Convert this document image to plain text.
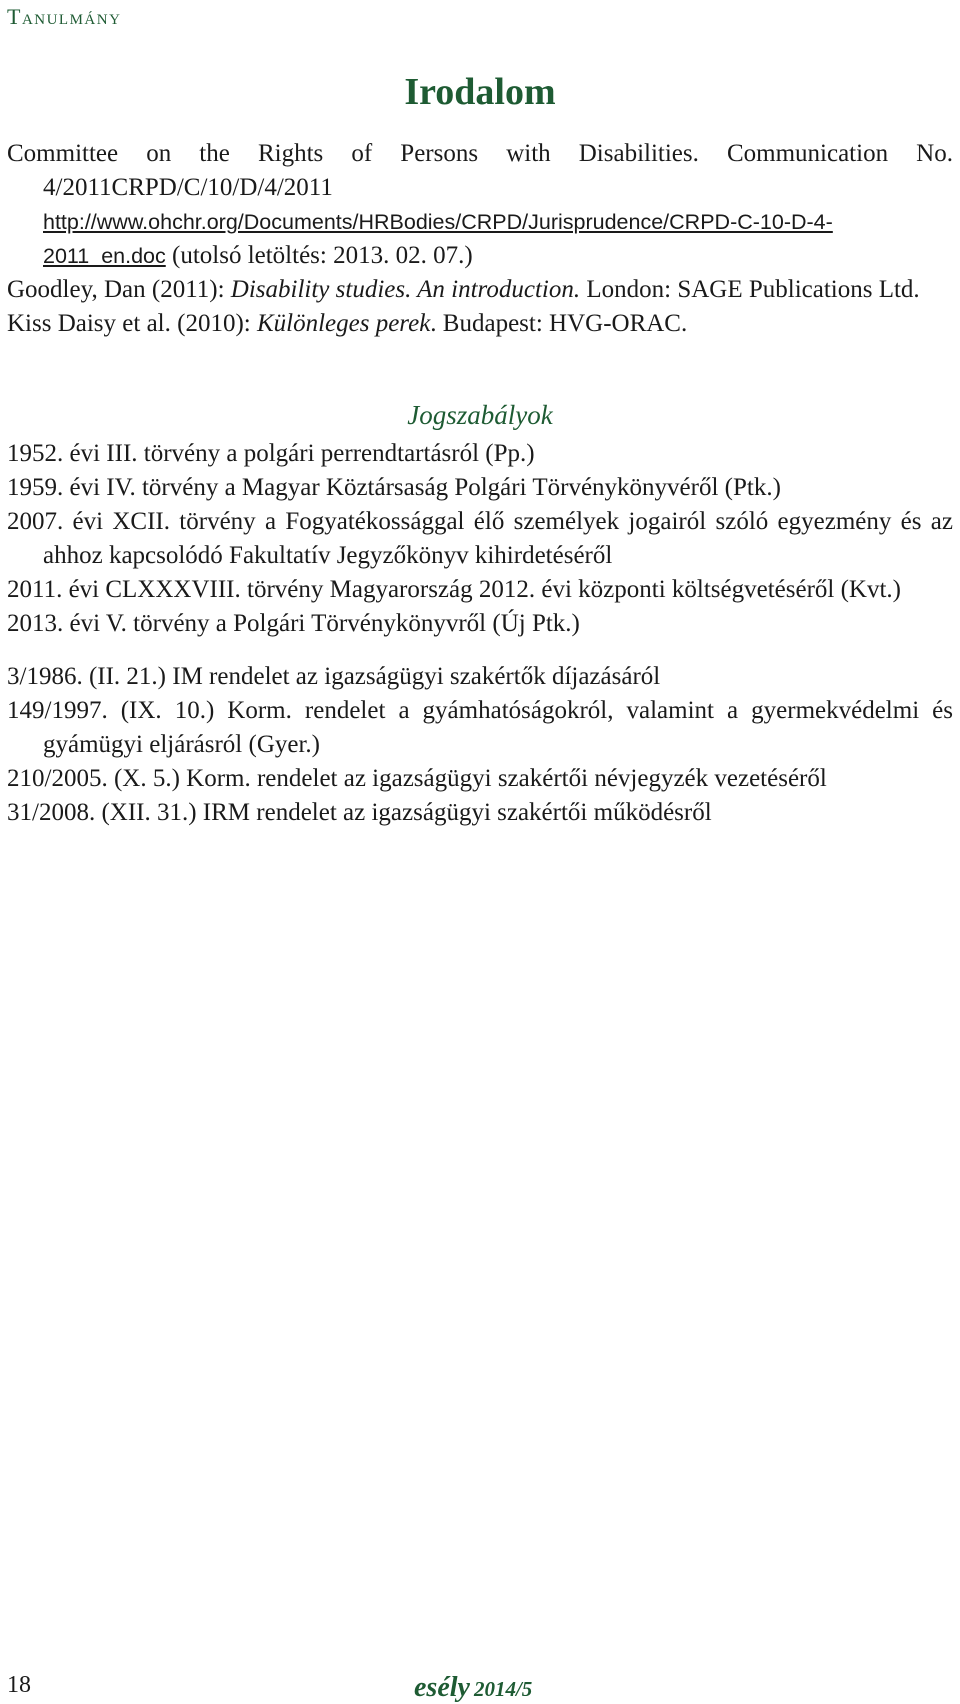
Tanulmány
Irodalom
Committee on the Rights of Persons with Disabilities. Communication No. 4/2011CRPD/C/10/D/4/2011 http://www.ohchr.org/Documents/HRBodies/CRPD/Jurisprudence/CRPD-C-10-D-4-2011_en.doc (utolsó letöltés: 2013. 02. 07.)
Goodley, Dan (2011): Disability studies. An introduction. London: SAGE Publications Ltd.
Kiss Daisy et al. (2010): Különleges perek. Budapest: HVG-ORAC.
Jogszabályok
1952. évi III. törvény a polgári perrendtartásról (Pp.)
1959. évi IV. törvény a Magyar Köztársaság Polgári Törvénykönyvéről (Ptk.)
2007. évi XCII. törvény a Fogyatékossággal élő személyek jogairól szóló egyezmény és az ahhoz kapcsolódó Fakultatív Jegyzőkönyv kihirdetéséről
2011. évi CLXXXVIII. törvény Magyarország 2012. évi központi költségvetéséről (Kvt.)
2013. évi V. törvény a Polgári Törvénykönyvről (Új Ptk.)
3/1986. (II. 21.) IM rendelet az igazságügyi szakértők díjazásáról
149/1997. (IX. 10.) Korm. rendelet a gyámhatóságokról, valamint a gyermekvédelmi és gyámügyi eljárásról (Gyer.)
210/2005. (X. 5.) Korm. rendelet az igazságügyi szakértői névjegyzék vezetéséről
31/2008. (XII. 31.) IRM rendelet az igazságügyi szakértői működésről
18	esély 2014/5
